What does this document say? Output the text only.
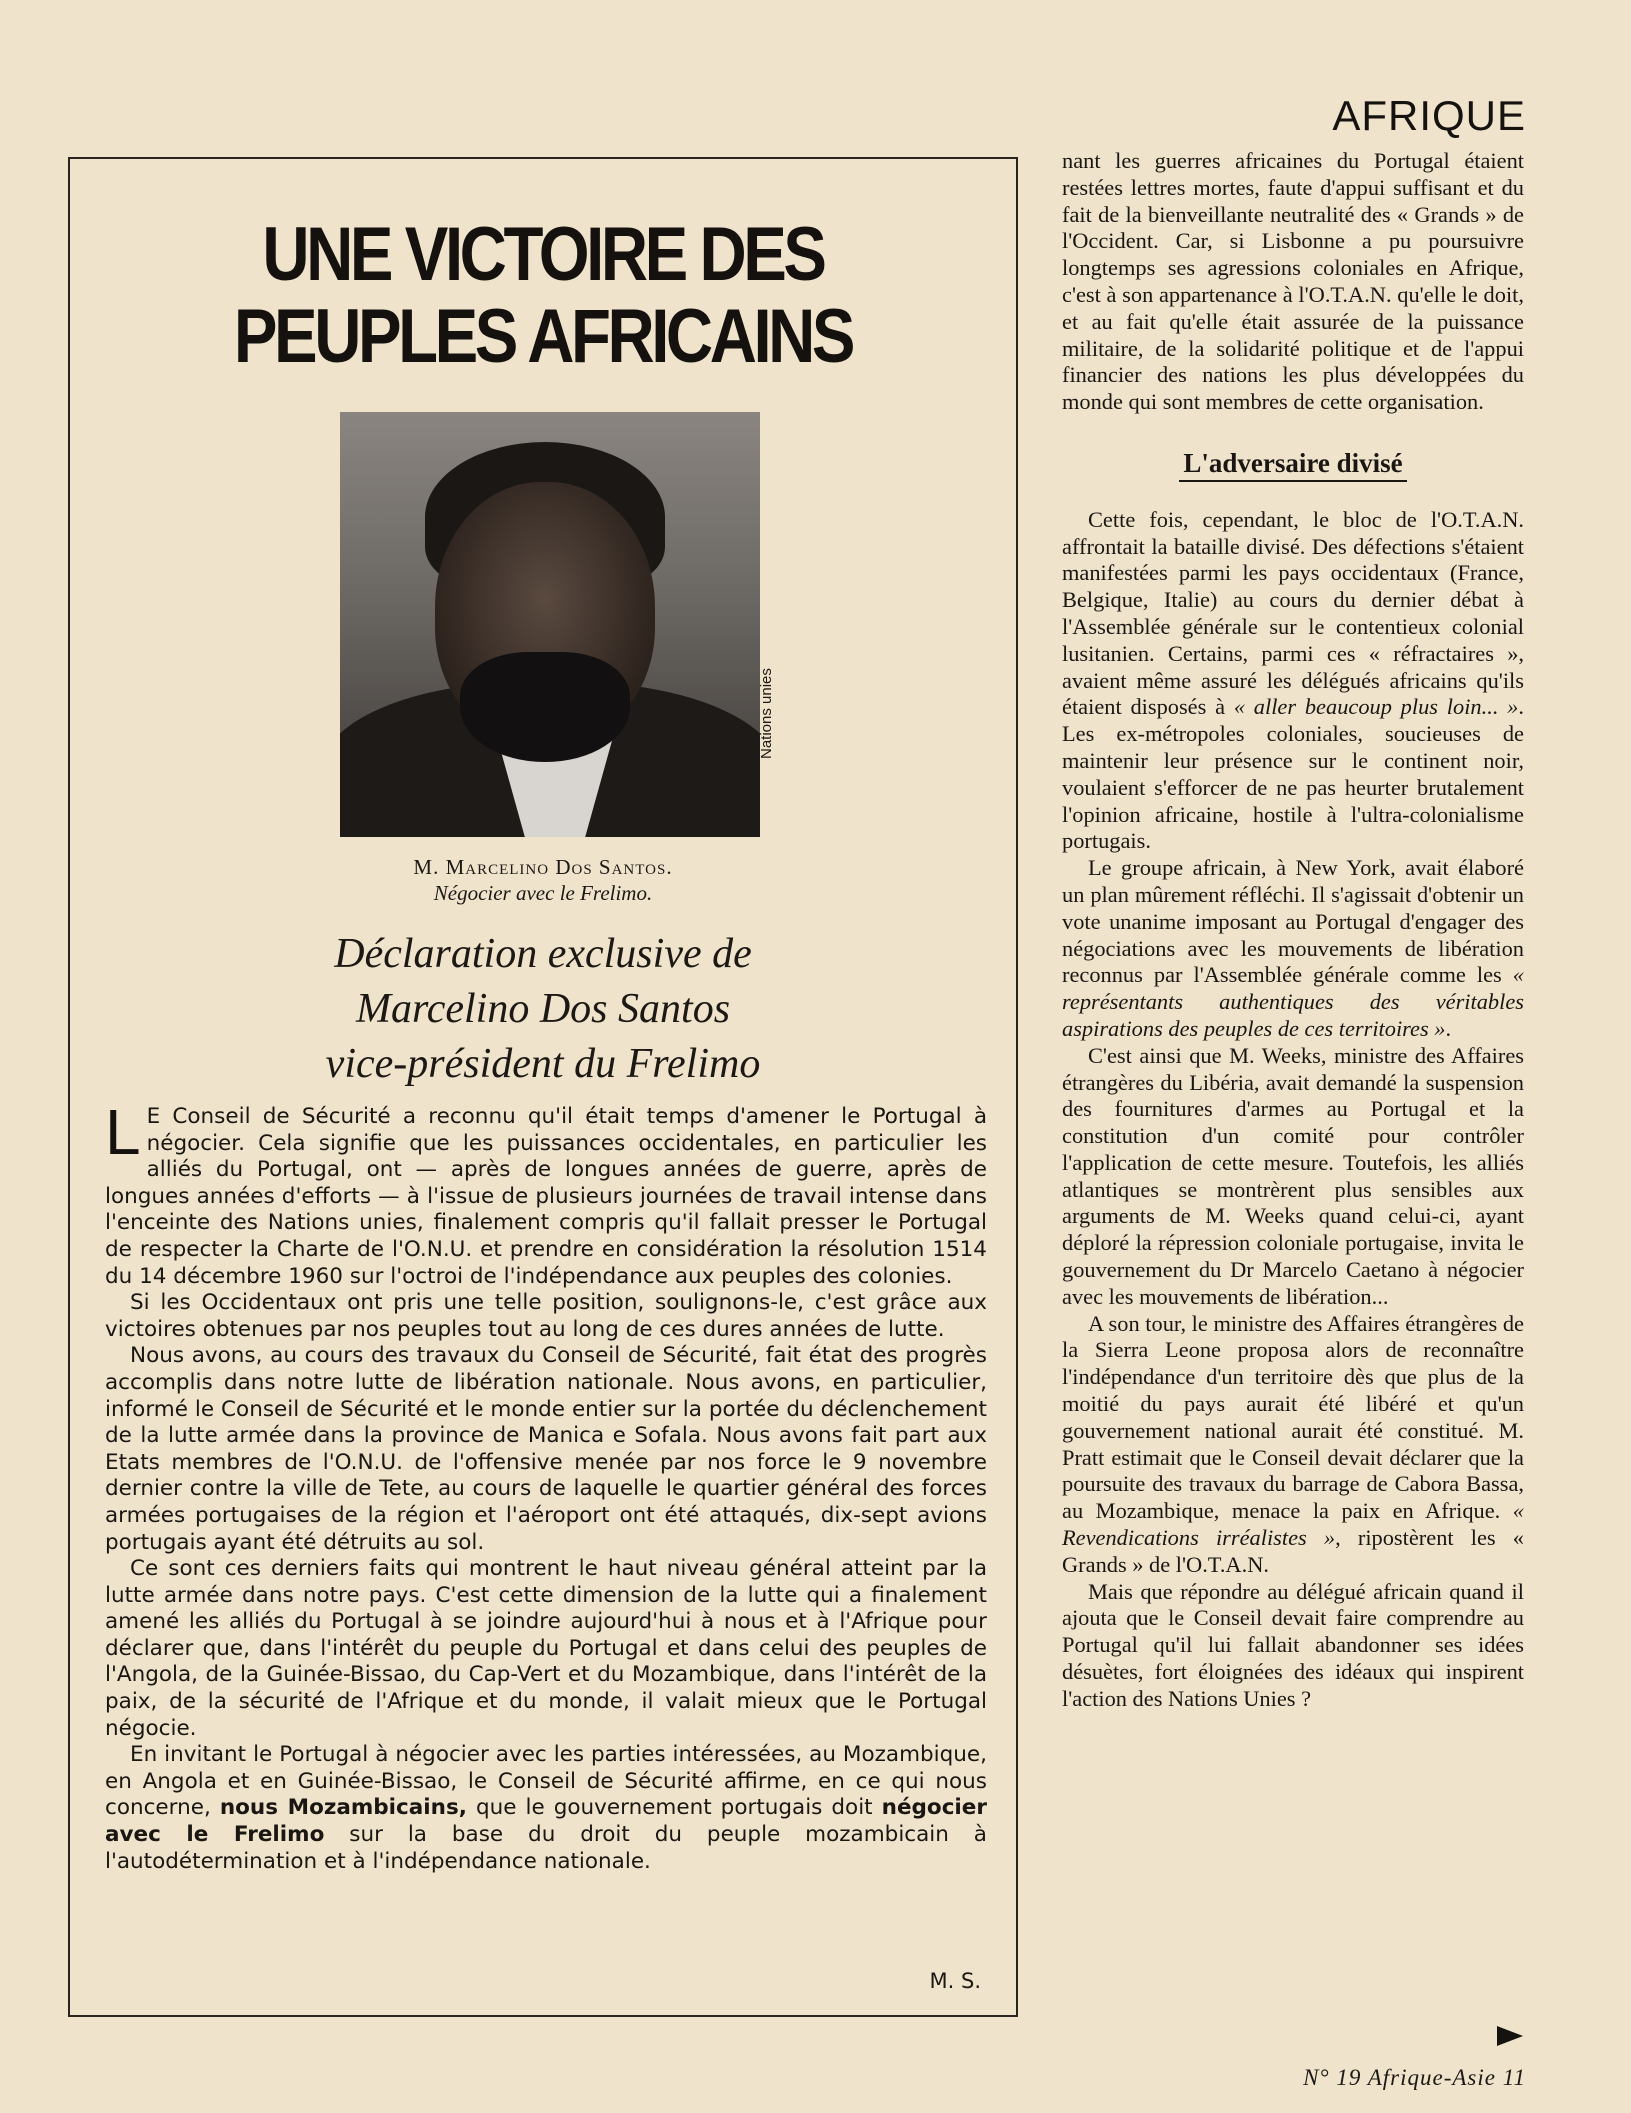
AFRIQUE
UNE VICTOIRE DES
PEUPLES AFRICAINS
Nations unies
M. Marcelino Dos Santos.
Négocier avec le Frelimo.
Déclaration exclusive de
Marcelino Dos Santos
vice-président du Frelimo

L E Conseil de Sécurité a reconnu qu'il était temps d'amener le Portugal à négocier. Cela signifie que les puissances occidentales, en particulier les alliés du Portugal, ont — après de longues années de guerre, après de longues années d'efforts — à l'issue de plusieurs journées de travail intense dans l'enceinte des Nations unies, finalement compris qu'il fallait presser le Portugal de respecter la Charte de l'O.N.U. et prendre en considération la résolution 1514 du 14 décembre 1960 sur l'octroi de l'indépendance aux peuples des colonies.

Si les Occidentaux ont pris une telle position, soulignons-le, c'est grâce aux victoires obtenues par nos peuples tout au long de ces dures années de lutte.

Nous avons, au cours des travaux du Conseil de Sécurité, fait état des progrès accomplis dans notre lutte de libération nationale. Nous avons, en particulier, informé le Conseil de Sécurité et le monde entier sur la portée du déclenchement de la lutte armée dans la province de Manica e Sofala. Nous avons fait part aux Etats membres de l'O.N.U. de l'offensive menée par nos force le 9 novembre dernier contre la ville de Tete, au cours de laquelle le quartier général des forces armées portugaises de la région et l'aéroport ont été attaqués, dix-sept avions portugais ayant été détruits au sol.

Ce sont ces derniers faits qui montrent le haut niveau général atteint par la lutte armée dans notre pays. C'est cette dimension de la lutte qui a finalement amené les alliés du Portugal à se joindre aujourd'hui à nous et à l'Afrique pour déclarer que, dans l'intérêt du peuple du Portugal et dans celui des peuples de l'Angola, de la Guinée-Bissao, du Cap-Vert et du Mozambique, dans l'intérêt de la paix, de la sécurité de l'Afrique et du monde, il valait mieux que le Portugal négocie.

En invitant le Portugal à négocier avec les parties intéressées, au Mozambique, en Angola et en Guinée-Bissao, le Conseil de Sécurité affirme, en ce qui nous concerne, nous Mozambicains, que le gouvernement portugais doit négocier avec le Frelimo sur la base du droit du peuple mozambicain à l'autodétermination et à l'indépendance nationale.

M. S.

nant les guerres africaines du Portugal étaient restées lettres mortes, faute d'appui suffisant et du fait de la bienveillante neutralité des « Grands » de l'Occident. Car, si Lisbonne a pu poursuivre longtemps ses agressions coloniales en Afrique, c'est à son appartenance à l'O.T.A.N. qu'elle le doit, et au fait qu'elle était assurée de la puissance militaire, de la solidarité politique et de l'appui financier des nations les plus développées du monde qui sont membres de cette organisation.

L'adversaire divisé

Cette fois, cependant, le bloc de l'O.T.A.N. affrontait la bataille divisé. Des défections s'étaient manifestées parmi les pays occidentaux (France, Belgique, Italie) au cours du dernier débat à l'Assemblée générale sur le contentieux colonial lusitanien. Certains, parmi ces « réfractaires », avaient même assuré les délégués africains qu'ils étaient disposés à « aller beaucoup plus loin... ». Les ex-métropoles coloniales, soucieuses de maintenir leur présence sur le continent noir, voulaient s'efforcer de ne pas heurter brutalement l'opinion africaine, hostile à l'ultra-colonialisme portugais.

Le groupe africain, à New York, avait élaboré un plan mûrement réfléchi. Il s'agissait d'obtenir un vote unanime imposant au Portugal d'engager des négociations avec les mouvements de libération reconnus par l'Assemblée générale comme les « représentants authentiques des véritables aspirations des peuples de ces territoires ».

C'est ainsi que M. Weeks, ministre des Affaires étrangères du Libéria, avait demandé la suspension des fournitures d'armes au Portugal et la constitution d'un comité pour contrôler l'application de cette mesure. Toutefois, les alliés atlantiques se montrèrent plus sensibles aux arguments de M. Weeks quand celui-ci, ayant déploré la répression coloniale portugaise, invita le gouvernement du Dr Marcelo Caetano à négocier avec les mouvements de libération...

A son tour, le ministre des Affaires étrangères de la Sierra Leone proposa alors de reconnaître l'indépendance d'un territoire dès que plus de la moitié du pays aurait été libéré et qu'un gouvernement national aurait été constitué. M. Pratt estimait que le Conseil devait déclarer que la poursuite des travaux du barrage de Cabora Bassa, au Mozambique, menace la paix en Afrique. « Revendications irréalistes », ripostèrent les « Grands » de l'O.T.A.N.

Mais que répondre au délégué africain quand il ajouta que le Conseil devait faire comprendre au Portugal qu'il lui fallait abandonner ses idées désuètes, fort éloignées des idéaux qui inspirent l'action des Nations Unies ?

N° 19 Afrique-Asie 11
